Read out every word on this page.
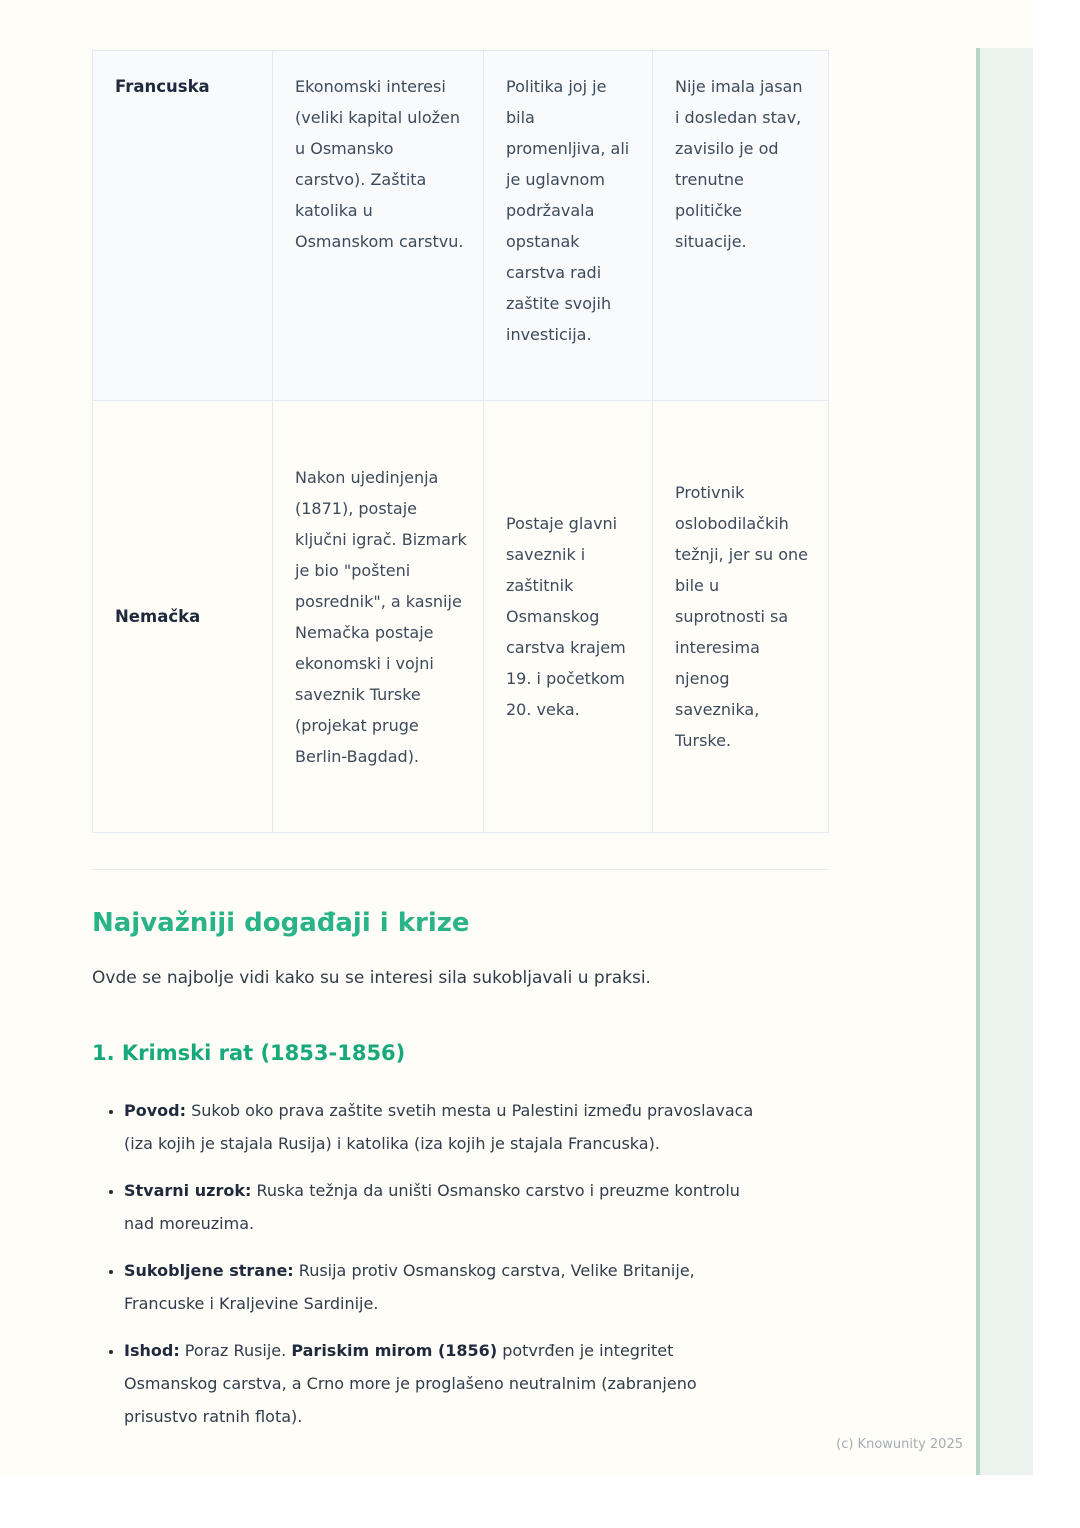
Francuska	Ekonomski interesi (veliki kapital uložen u Osmansko carstvo). Zaštita katolika u Osmanskom carstvu.	Politika joj je bila promenljiva, ali je uglavnom podržavala opstanak carstva radi zaštite svojih investicija.	Nije imala jasan i dosledan stav, zavisilo je od trenutne političke situacije.
Nemačka	Nakon ujedinjenja (1871), postaje ključni igrač. Bizmark je bio "pošteni posrednik", a kasnije Nemačka postaje ekonomski i vojni saveznik Turske (projekat pruge Berlin-Bagdad).	Postaje glavni saveznik i zaštitnik Osmanskog carstva krajem 19. i početkom 20. veka.	Protivnik oslobodilačkih težnji, jer su one bile u suprotnosti sa interesima njenog saveznika, Turske.
Najvažniji događaji i krize

Ovde se najbolje vidi kako su se interesi sila sukobljavali u praksi.

1. Krimski rat (1853-1856)
• Povod: Sukob oko prava zaštite svetih mesta u Palestini između pravoslavaca (iza kojih je stajala Rusija) i katolika (iza kojih je stajala Francuska).
• Stvarni uzrok: Ruska težnja da uništi Osmansko carstvo i preuzme kontrolu nad moreuzima.
• Sukobljene strane: Rusija protiv Osmanskog carstva, Velike Britanije, Francuske i Kraljevine Sardinije.
• Ishod: Poraz Rusije. Pariskim mirom (1856) potvrđen je integritet Osmanskog carstva, a Crno more je proglašeno neutralnim (zabranjeno prisustvo ratnih flota).
(c) Knowunity 2025
